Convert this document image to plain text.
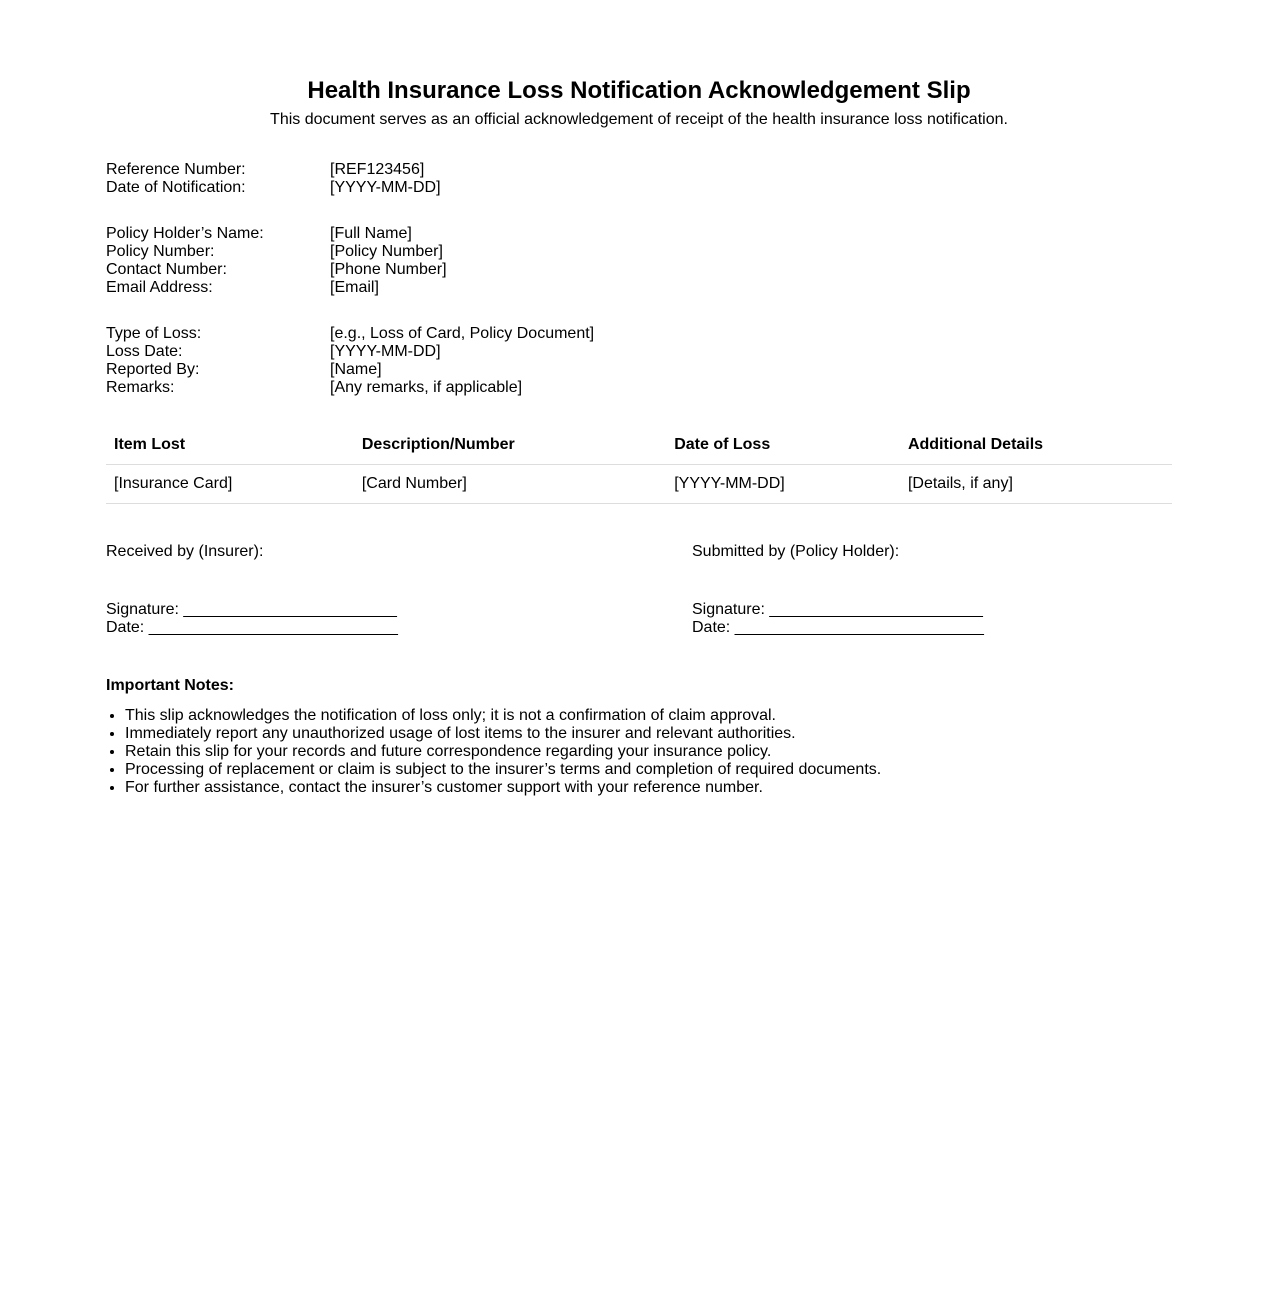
Health Insurance Loss Notification Acknowledgement Slip

This document serves as an official acknowledgement of receipt of the health insurance loss notification.

Reference Number:	[REF123456]
Date of Notification:	[YYYY-MM-DD]
Policy Holder’s Name:	[Full Name]
Policy Number:	[Policy Number]
Contact Number:	[Phone Number]
Email Address:	[Email]
Type of Loss:	[e.g., Loss of Card, Policy Document]
Loss Date:	[YYYY-MM-DD]
Reported By:	[Name]
Remarks:	[Any remarks, if applicable]
Item Lost	Description/Number	Date of Loss	Additional Details
[Insurance Card]	[Card Number]	[YYYY-MM-DD]	[Details, if any]
Received by (Insurer):
Signature: ________________________
Date: ____________________________
Submitted by (Policy Holder):
Signature: ________________________
Date: ____________________________

Important Notes:

• This slip acknowledges the notification of loss only; it is not a confirmation of claim approval.
• Immediately report any unauthorized usage of lost items to the insurer and relevant authorities.
• Retain this slip for your records and future correspondence regarding your insurance policy.
• Processing of replacement or claim is subject to the insurer’s terms and completion of required documents.
• For further assistance, contact the insurer’s customer support with your reference number.
